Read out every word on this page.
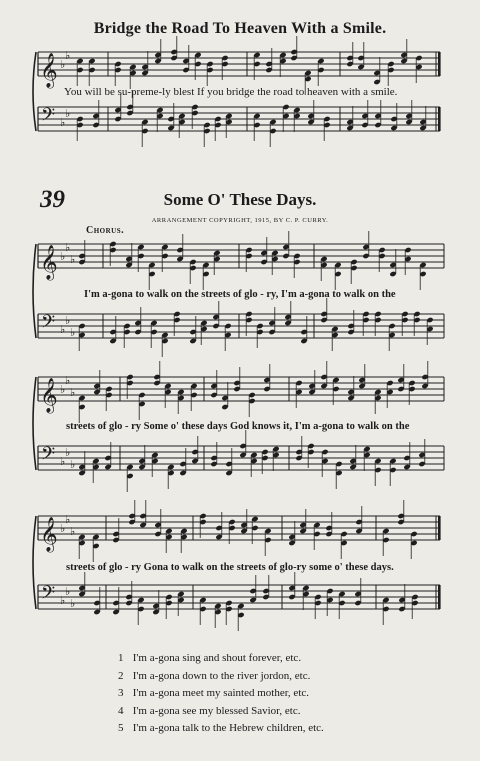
𝄞 ♭
♭
𝄢 ♭
♭
𝄞 ♭
♭
♭
𝄢 ♭
♭
♭
𝄞 ♭
♭
♭
𝄢 ♭
♭
♭
𝄞 ♭
♭
♭
𝄢 ♭
♭
♭
Bridge the Road To Heaven With a Smile.
You will be su-preme-ly blest If you bridge the road to heaven with a smile.
39	Some O' These Days.
ARRANGEMENT COPYRIGHT, 1915, BY C. P. CURRY.
Chorus.
I'm a-gona to walk on the streets of glo - ry, I'm a-gona to walk on the
streets of glo - ry Some o' these days God knows it, I'm a-gona to walk on the
streets of glo - ry Gona to walk on the streets of glo-ry some o' these days.
1 I'm a-gona sing and shout forever, etc.
2 I'm a-gona down to the river jordon, etc.
3 I'm a-gona meet my sainted mother, etc.
4 I'm a-gona see my blessed Savior, etc.
5 I'm a-gona talk to the Hebrew children, etc.
